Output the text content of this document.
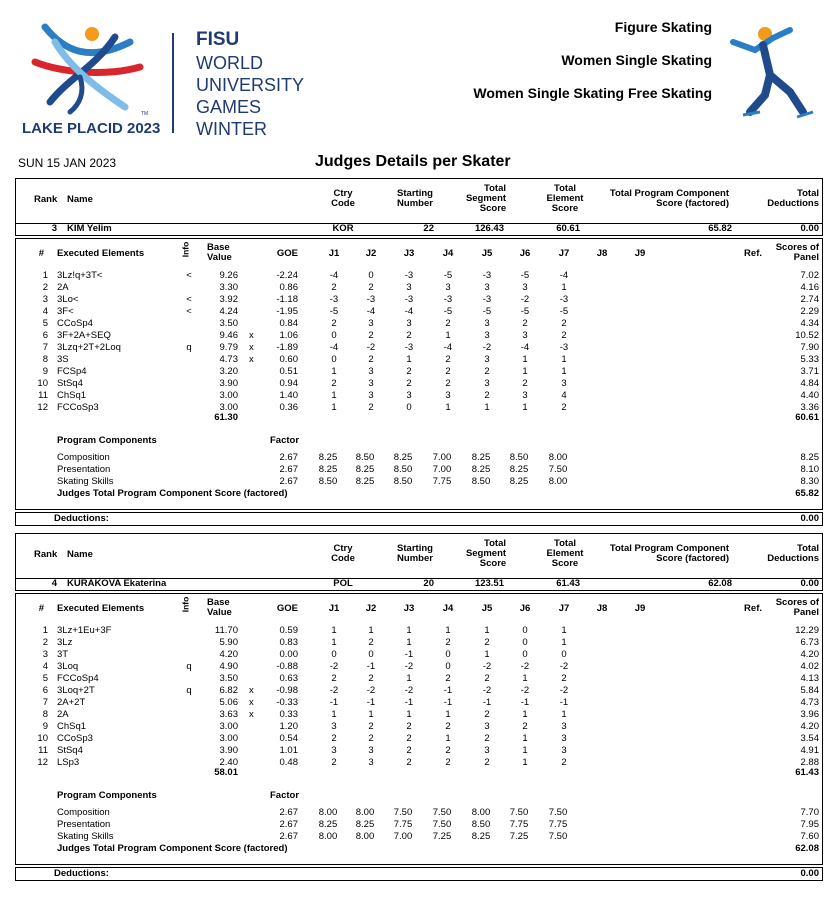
LAKE PLACID 2023
TM
FISU
WORLD
UNIVERSITY
GAMES
WINTER
Figure Skating
Women Single Skating
Women Single Skating Free Skating
SUN 15 JAN 2023	Judges Details per Skater
Rank Name
Ctry
Code
Starting
Number
Total
Segment
Score
Total
Element
Score
Total Program Component
Score (factored)
Total
Deductions
3 KIM Yelim	KOR	22	126.43	60.61	65.82	0.00
# Executed Elements	Info Base
Value	GOE	J1	J2	J3	J4	J5	J6	J7	J8	J9	Ref.
Scores of
Panel
1 3Lz!q+3T<	<	9.26	-2.24	-4	0	-3	-5	-3	-5	-4	7.02
2 2A	3.30	0.86	2	2	3	3	3	3	1	4.16
3 3Lo<	<	3.92	-1.18	-3	-3	-3	-3	-3	-2	-3	2.74
4 3F<	<	4.24	-1.95	-5	-4	-4	-5	-5	-5	-5	2.29
5 CCoSp4	3.50	0.84	2	3	3	2	3	2	2	4.34
6 3F+2A+SEQ	9.46 x	1.06	0	2	2	1	3	3	2	10.52
7 3Lzq+2T+2Loq	q	9.79 x -1.89	-4	-2	-3	-4	-2	-4	-3	7.90
8 3S	4.73 x	0.60	0	2	1	2	3	1	1	5.33
9 FCSp4	3.20	0.51	1	3	2	2	2	1	1	3.71
10 StSq4	3.90	0.94	2	3	2	2	3	2	3	4.84
11 ChSq1	3.00	1.40	1	3	3	3	2	3	4	4.40
12 FCCoSp3	3.00	0.36	1	2	0	1	1	1	2	3.36
61.30	60.61
Program Components	Factor
Composition	2.67	8.25	8.50	8.25	7.00	8.25	8.50	8.00	8.25
Presentation	2.67	8.25	8.25	8.50	7.00	8.25	8.25	7.50	8.10
Skating Skills	2.67	8.50	8.25	8.50	7.75	8.50	8.25	8.00	8.30
Judges Total Program Component Score (factored)	65.82
Deductions:	0.00
Rank Name
Ctry
Code
Starting
Number
Total
Segment
Score
Total
Element
Score
Total Program Component
Score (factored)
Total
Deductions
4 KURAKOVA Ekaterina	POL	20	123.51	61.43	62.08	0.00
# Executed Elements	Info Base
Value	GOE	J1	J2	J3	J4	J5	J6	J7	J8	J9	Ref.
Scores of
Panel
1 3Lz+1Eu+3F	11.70	0.59	1	1	1	1	1	0	1	12.29
2 3Lz	5.90	0.83	1	2	1	2	2	0	1	6.73
3 3T	4.20	0.00	0	0	-1	0	1	0	0	4.20
4 3Loq	q	4.90	-0.88	-2	-1	-2	0	-2	-2	-2	4.02
5 FCCoSp4	3.50	0.63	2	2	1	2	2	1	2	4.13
6 3Loq+2T	q	6.82 x -0.98	-2	-2	-2	-1	-2	-2	-2	5.84
7 2A+2T	5.06 x -0.33	-1	-1	-1	-1	-1	-1	-1	4.73
8 2A	3.63 x	0.33	1	1	1	1	2	1	1	3.96
9 ChSq1	3.00	1.20	3	2	2	2	3	2	3	4.20
10 CCoSp3	3.00	0.54	2	2	2	1	2	1	3	3.54
11 StSq4	3.90	1.01	3	3	2	2	3	1	3	4.91
12 LSp3	2.40	0.48	2	3	2	2	2	1	2	2.88
58.01	61.43
Program Components	Factor
Composition	2.67	8.00	8.00	7.50	7.50	8.00	7.50	7.50	7.70
Presentation	2.67	8.25	8.25	7.75	7.50	8.50	7.75	7.75	7.95
Skating Skills	2.67	8.00	8.00	7.00	7.25	8.25	7.25	7.50	7.60
Judges Total Program Component Score (factored)	62.08
Deductions:	0.00
